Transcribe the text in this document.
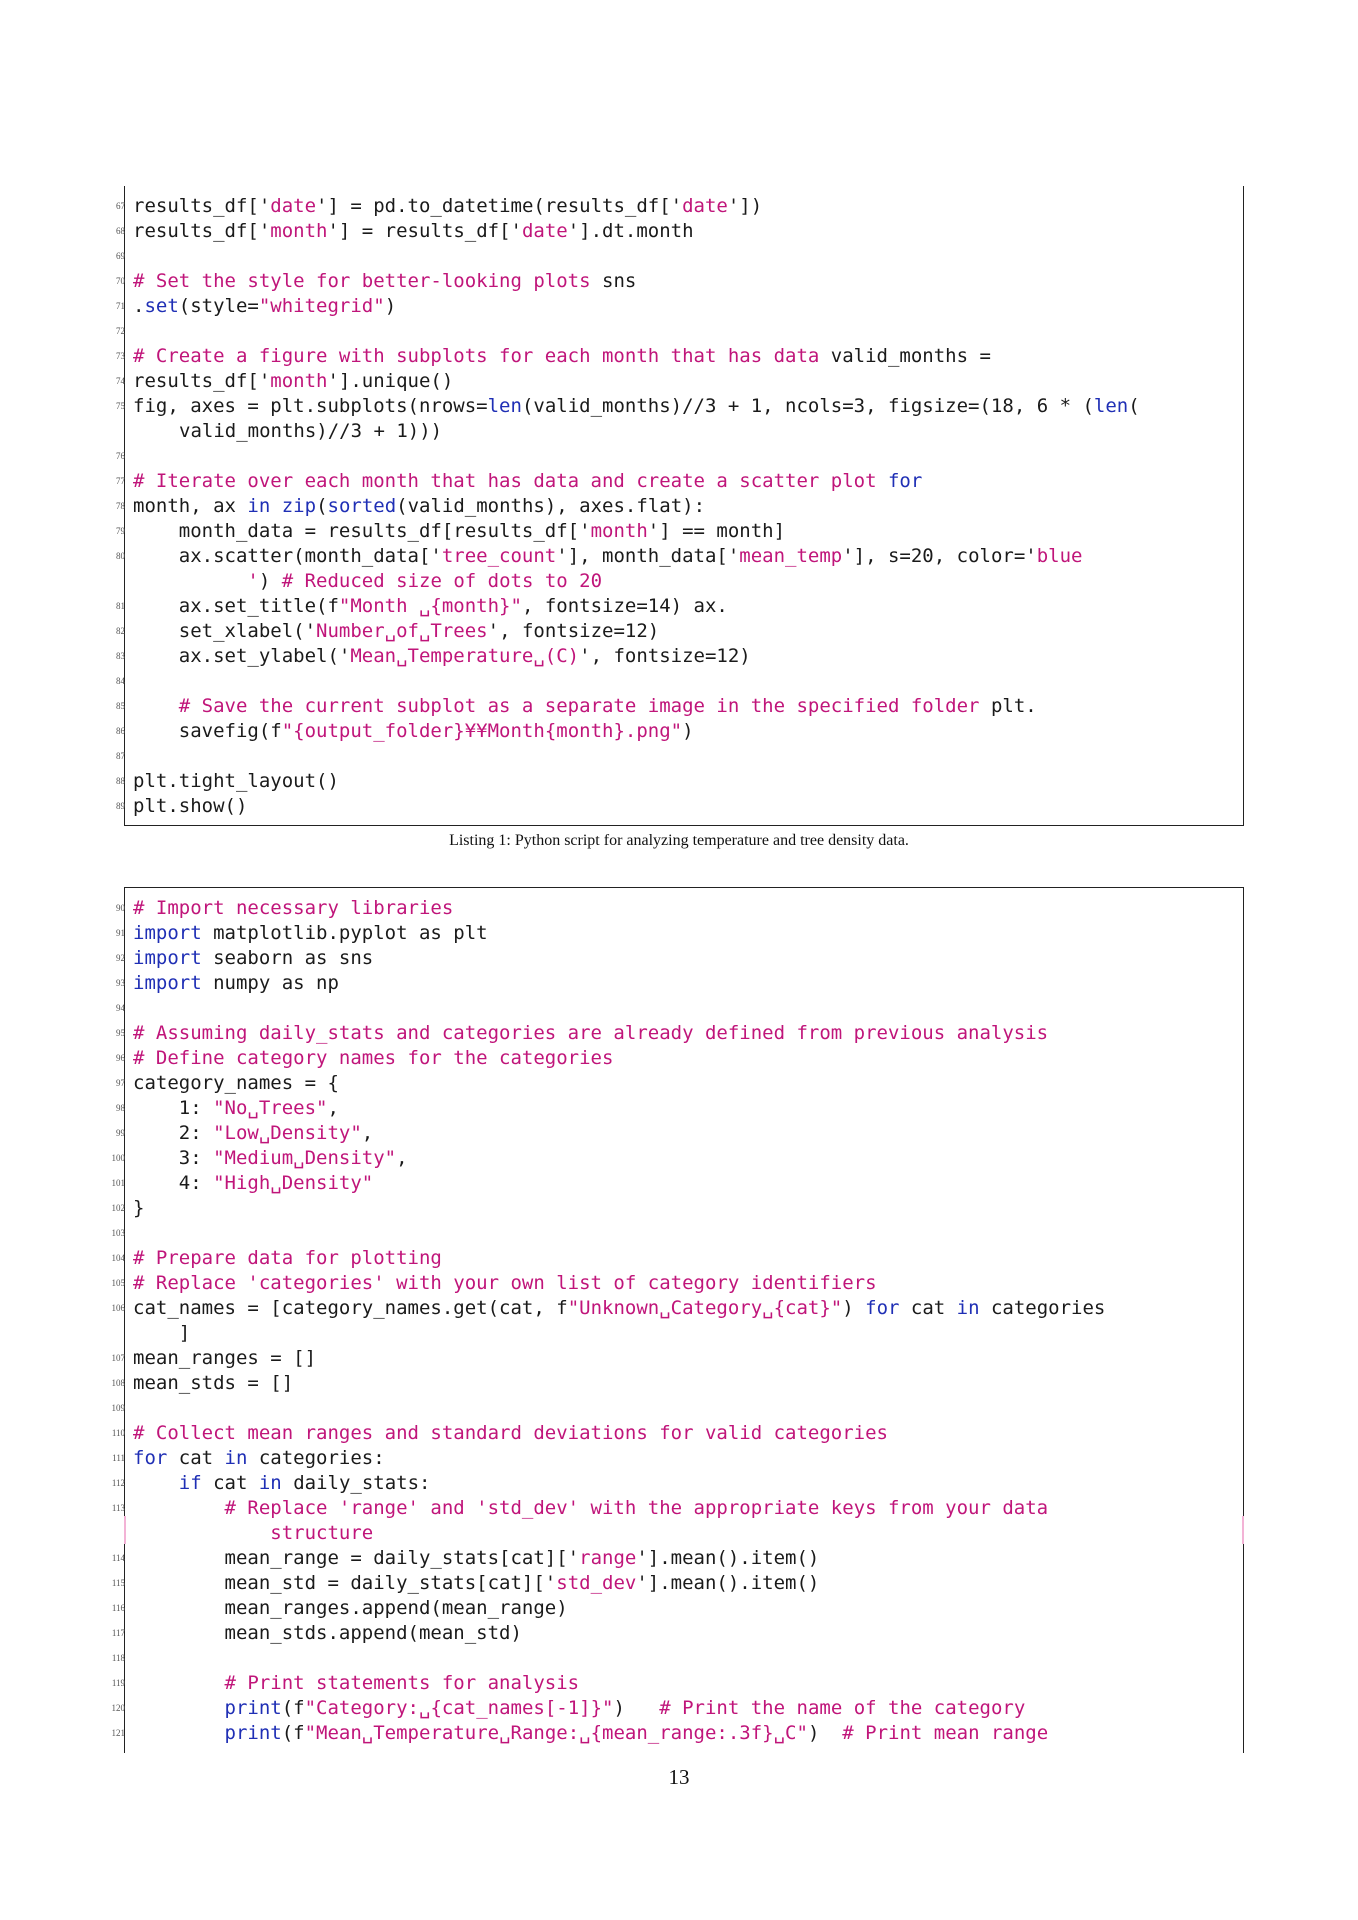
67 results_df['date'] = pd.to_datetime(results_df['date'])
68 results_df['month'] = results_df['date'].dt.month
69
70 # Set the style for better-looking plots sns
71 .set(style="whitegrid")
72
73 # Create a figure with subplots for each month that has data valid_months =
74 results_df['month'].unique()
75 fig, axes = plt.subplots(nrows=len(valid_months)//3 + 1, ncols=3, figsize=(18, 6 * (len(
valid_months)//3 + 1)))
76
77 # Iterate over each month that has data and create a scatter plot for
78 month, ax in zip(sorted(valid_months), axes.flat):
79 month_data = results_df[results_df['month'] == month]
80 ax.scatter(month_data['tree_count'], month_data['mean_temp'], s=20, color='blue
') # Reduced size of dots to 20
81 ax.set_title(f"Month ␣{month}", fontsize=14) ax.
82 set_xlabel('Number␣of␣Trees', fontsize=12)
83 ax.set_ylabel('Mean␣Temperature␣(C)', fontsize=12)
84
85 # Save the current subplot as a separate image in the specified folder plt.
86 savefig(f"{output_folder}¥¥Month{month}.png")
87
88 plt.tight_layout()
89 plt.show()
Listing 1: Python script for analyzing temperature and tree density data.
90 # Import necessary libraries
91 import matplotlib.pyplot as plt
92 import seaborn as sns
93 import numpy as np
94
95 # Assuming daily_stats and categories are already defined from previous analysis
96 # Define category names for the categories
97 category_names = {
98 1: "No␣Trees",
99 2: "Low␣Density",
100 3: "Medium␣Density",
101 4: "High␣Density"
102 }
103
104 # Prepare data for plotting
105 # Replace 'categories' with your own list of category identifiers
106 cat_names = [category_names.get(cat, f"Unknown␣Category␣{cat}") for cat in categories
]
107 mean_ranges = []
108 mean_stds = []
109
110 # Collect mean ranges and standard deviations for valid categories
111 for cat in categories:
112	if cat in daily_stats:
113 # Replace 'range' and 'std_dev' with the appropriate keys from your data
structure
114 mean_range = daily_stats[cat]['range'].mean().item()
115 mean_std = daily_stats[cat]['std_dev'].mean().item()
116 mean_ranges.append(mean_range)
117 mean_stds.append(mean_std)
118
119 # Print statements for analysis
120	print(f"Category:␣{cat_names[-1]}")   # Print the name of the category
121	print(f"Mean␣Temperature␣Range:␣{mean_range:.3f}␣C")  # Print mean range
13
